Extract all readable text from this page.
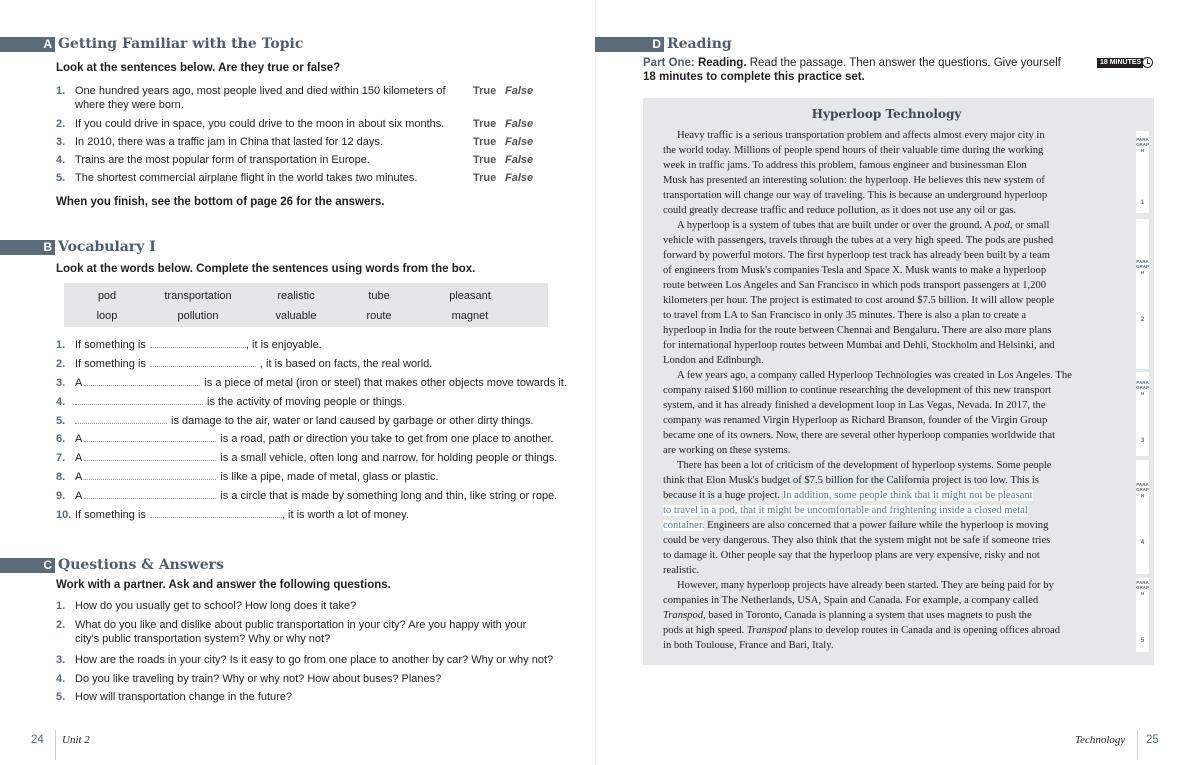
A Getting Familiar with the Topic
Look at the sentences below. Are they true or false?
1. One hundred years ago, most people lived and died within 150 kilometers of where they were born.
True False
2. If you could drive in space, you could drive to the moon in about six months.	True False
3. In 2010, there was a traffic jam in China that lasted for 12 days.	True False
4. Trains are the most popular form of transportation in Europe.	True False
5. The shortest commercial airplane flight in the world takes two minutes.	True False
When you finish, see the bottom of page 26 for the answers.
B Vocabulary I
Look at the words below. Complete the sentences using words from the box.
pod	transportation	realistic	tube	pleasant
loop	pollution	valuable	route	magnet
1. If something is	, it is enjoyable.
2. If something is	, it is based on facts, the real world.
3. A	is a piece of metal (iron or steel) that makes other objects move towards it.
4.	is the activity of moving people or things.
5.	is damage to the air, water or land caused by garbage or other dirty things.
6. A	is a road, path or direction you take to get from one place to another.
7. A	is a small vehicle, often long and narrow, for holding people or things.
8. A	is like a pipe, made of metal, glass or plastic.
9. A	is a circle that is made by something long and thin, like string or rope.
10. If something is	, it is worth a lot of money.
C Questions & Answers
Work with a partner. Ask and answer the following questions.
1. How do you usually get to school? How long does it take?
2. What do you like and dislike about public transportation in your city? Are you happy with your city's public transportation system? Why or why not?
3. How are the roads in your city? Is it easy to go from one place to another by car? Why or why not?
4. Do you like traveling by train? Why or why not? How about buses? Planes?
5. How will transportation change in the future?
24 Unit 2
D Reading
Part One: Reading. Read the passage. Then answer the questions. Give yourself
18 minutes to complete this practice set.
18 MINUTES
Hyperloop Technology
Heavy traffic is a serious transportation problem and affects almost every major city in
the world today. Millions of people spend hours of their valuable time during the working
week in traffic jams. To address this problem, famous engineer and businessman Elon
Musk has presented an interesting solution: the hyperloop. He believes this new system of
transportation will change our way of traveling. This is because an underground hyperloop
could greatly decrease traffic and reduce pollution, as it does not use any oil or gas.
A hyperloop is a system of tubes that are built under or over the ground. A pod, or small
vehicle with passengers, travels through the tubes at a very high speed. The pods are pushed
forward by powerful motors. The first hyperloop test track has already been built by a team
of engineers from Musk's companies Tesla and Space X. Musk wants to make a hyperloop
route between Los Angeles and San Francisco in which pods transport passengers at 1,200
kilometers per hour. The project is estimated to cost around $7.5 billion. It will allow people
to travel from LA to San Francisco in only 35 minutes. There is also a plan to create a
hyperloop in India for the route between Chennai and Bengaluru. There are also more plans
for international hyperloop routes between Mumbai and Dehli, Stockholm and Helsinki, and
London and Edinburgh.
A few years ago, a company called Hyperloop Technologies was created in Los Angeles. The
company raised $160 million to continue researching the development of this new transport
system, and it has already finished a development loop in Las Vegas, Nevada. In 2017, the
company was renamed Virgin Hyperloop as Richard Branson, founder of the Virgin Group
became one of its owners. Now, there are several other hyperloop companies worldwide that
are working on these systems.
There has been a lot of criticism of the development of hyperloop systems. Some people
think that Elon Musk's budget of $7.5 billion for the California project is too low. This is
because it is a huge project. In addition, some people think that it might not be pleasant
to travel in a pod, that it might be uncomfortable and frightening inside a closed metal
container. Engineers are also concerned that a power failure while the hyperloop is moving
could be very dangerous. They also think that the system might not be safe if someone tries
to damage it. Other people say that the hyperloop plans are very expensive, risky and not
realistic.
However, many hyperloop projects have already been started. They are being paid for by
companies in The Netherlands, USA, Spain and Canada. For example, a company called
Transpod, based in Toronto, Canada is planning a system that uses magnets to push the
pods at high speed. Transpod plans to develop routes in Canada and is opening offices abroad
in both Toulouse, France and Bari, Italy.
PARAGRAPH
1
PARAGRAPH
2
PARAGRAPH
3
PARAGRAPH
4
PARAGRAPH
5
Technology 25
